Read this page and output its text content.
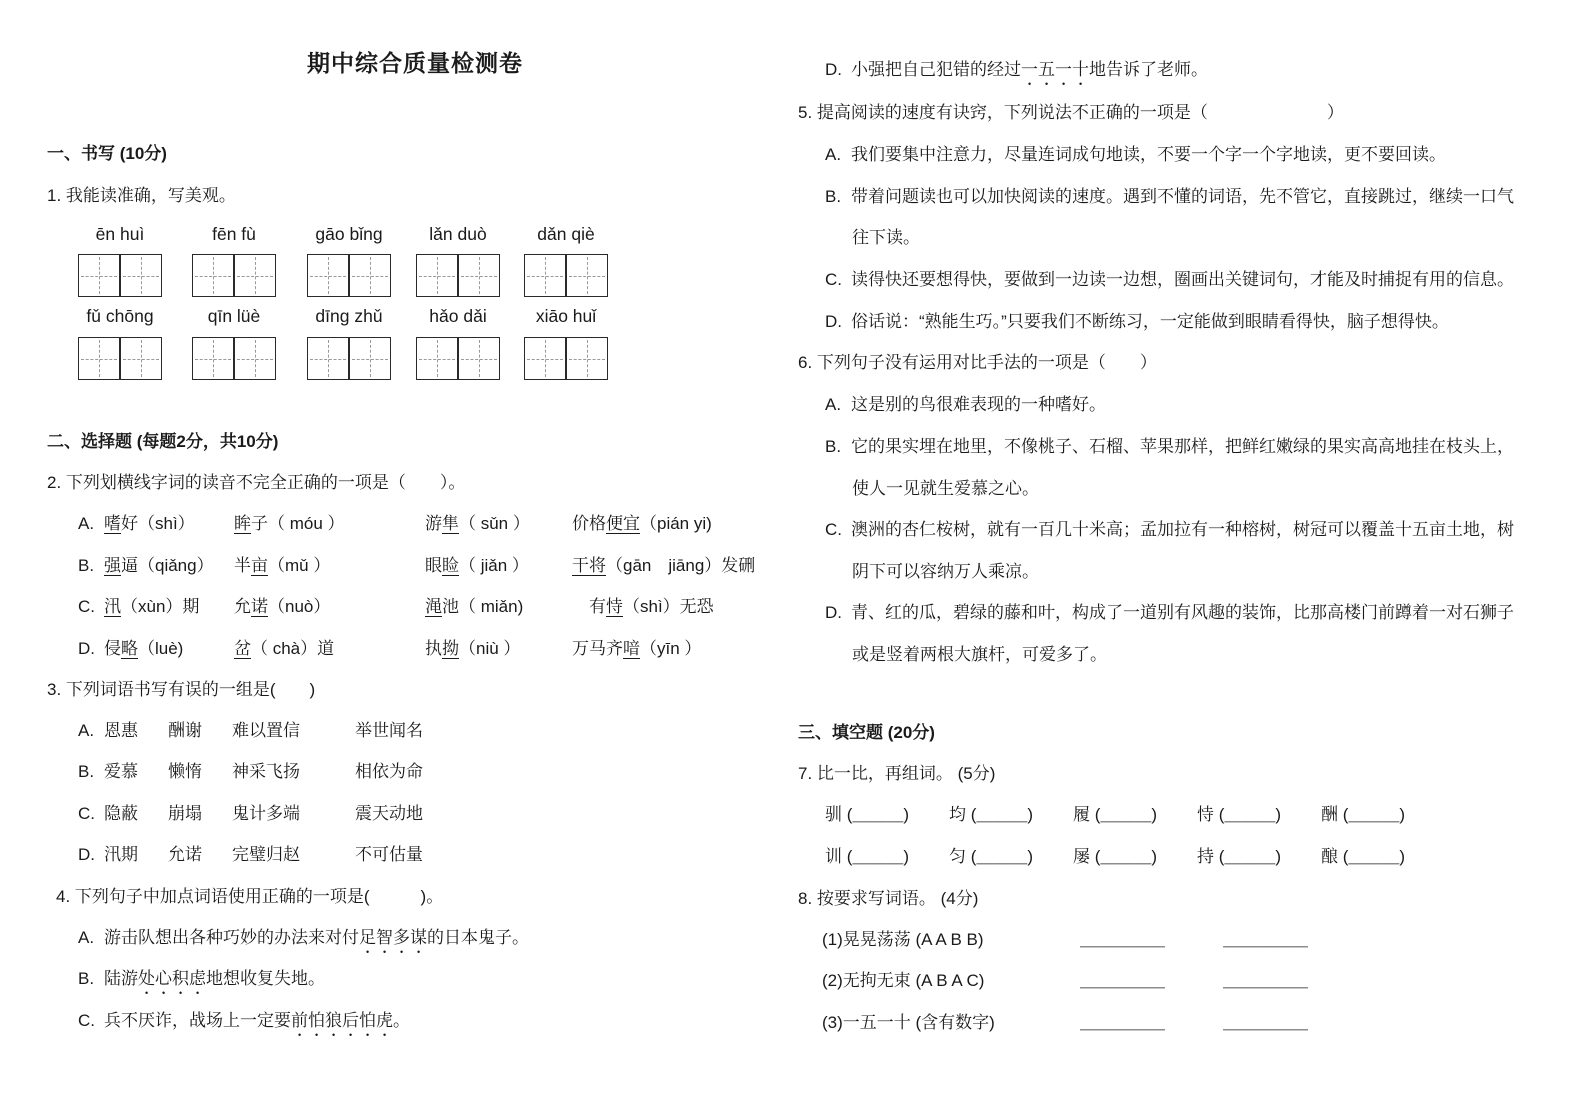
期中综合质量检测卷
一、书写 (10分)
1. 我能读准确，写美观。
ēn huì	fēn fù	gāo bǐng	lǎn duò	dǎn qiè
fǔ chōng	qīn lüè	dīng zhǔ	hǎo dǎi	xiāo huǐ
二、选择题 (每题2分，共10分)
2. 下列划横线字词的读音不完全正确的一项是（　　）。
A. 嗜好（shì） 眸子（ móu ）	游隼（ sǔn ） 价格便宜（pián yi)
B. 强逼（qiǎng） 半亩（mǔ ）	眼睑（ jiǎn ）	干将（gān　jiāng）发硎
C.汛（xùn）期 允诺（nuò）	渑池（ miǎn)	　有恃（shì）无恐
D. 侵略（luè)	岔（ chà）道	执拗（niù ）	万马齐喑（yīn ）
3. 下列词语书写有误的一组是(　　)
A. 恩惠 酬谢 难以置信	举世闻名
B. 爱慕 懒惰 神采飞扬	相依为命
C. 隐蔽 崩塌 鬼计多端	震天动地
D. 汛期 允诺 完璧归赵	不可估量
4. 下列句子中加点词语使用正确的一项是(　　　)。
A. 游击队想出各种巧妙的办法来对付足智多谋的日本鬼子。
B. 陆游处心积虑地想收复失地。
C. 兵不厌诈，战场上一定要前怕狼后怕虎。
D. 小强把自己犯错的经过一五一十地告诉了老师。
5. 提高阅读的速度有诀窍，下列说法不正确的一项是（　　　　　　　）
A. 我们要集中注意力，尽量连词成句地读，不要一个字一个字地读，更不要回读。
B. 带着问题读也可以加快阅读的速度。遇到不懂的词语，先不管它，直接跳过，继续一口气
往下读。
C. 读得快还要想得快，要做到一边读一边想，圈画出关键词句，才能及时捕捉有用的信息。
D. 俗话说：“熟能生巧。”只要我们不断练习，一定能做到眼睛看得快，脑子想得快。
6. 下列句子没有运用对比手法的一项是（　　）
A. 这是别的鸟很难表现的一种嗜好。
B. 它的果实埋在地里，不像桃子、石榴、苹果那样，把鲜红嫩绿的果实高高地挂在枝头上，
使人一见就生爱慕之心。
C. 澳洲的杏仁桉树，就有一百几十米高；孟加拉有一种榕树，树冠可以覆盖十五亩土地，树
阴下可以容纳万人乘凉。
D. 青、红的瓜，碧绿的藤和叶，构成了一道别有风趣的装饰，比那高楼门前蹲着一对石狮子
或是竖着两根大旗杆，可爱多了。
三、填空题 (20分)
7. 比一比，再组词。 (5分)
驯 (＿＿＿) 均 (＿＿＿) 履 (＿＿＿) 恃 (＿＿＿) 酬 (＿＿＿)
训 (＿＿＿) 匀 (＿＿＿) 屡 (＿＿＿) 持 (＿＿＿) 酿 (＿＿＿)
8. 按要求写词语。 (4分)
(1)晃晃荡荡 (A A B B)	＿＿＿＿＿	＿＿＿＿＿
(2)无拘无束 (A B A C)	＿＿＿＿＿	＿＿＿＿＿
(3)一五一十 (含有数字)	＿＿＿＿＿	＿＿＿＿＿
